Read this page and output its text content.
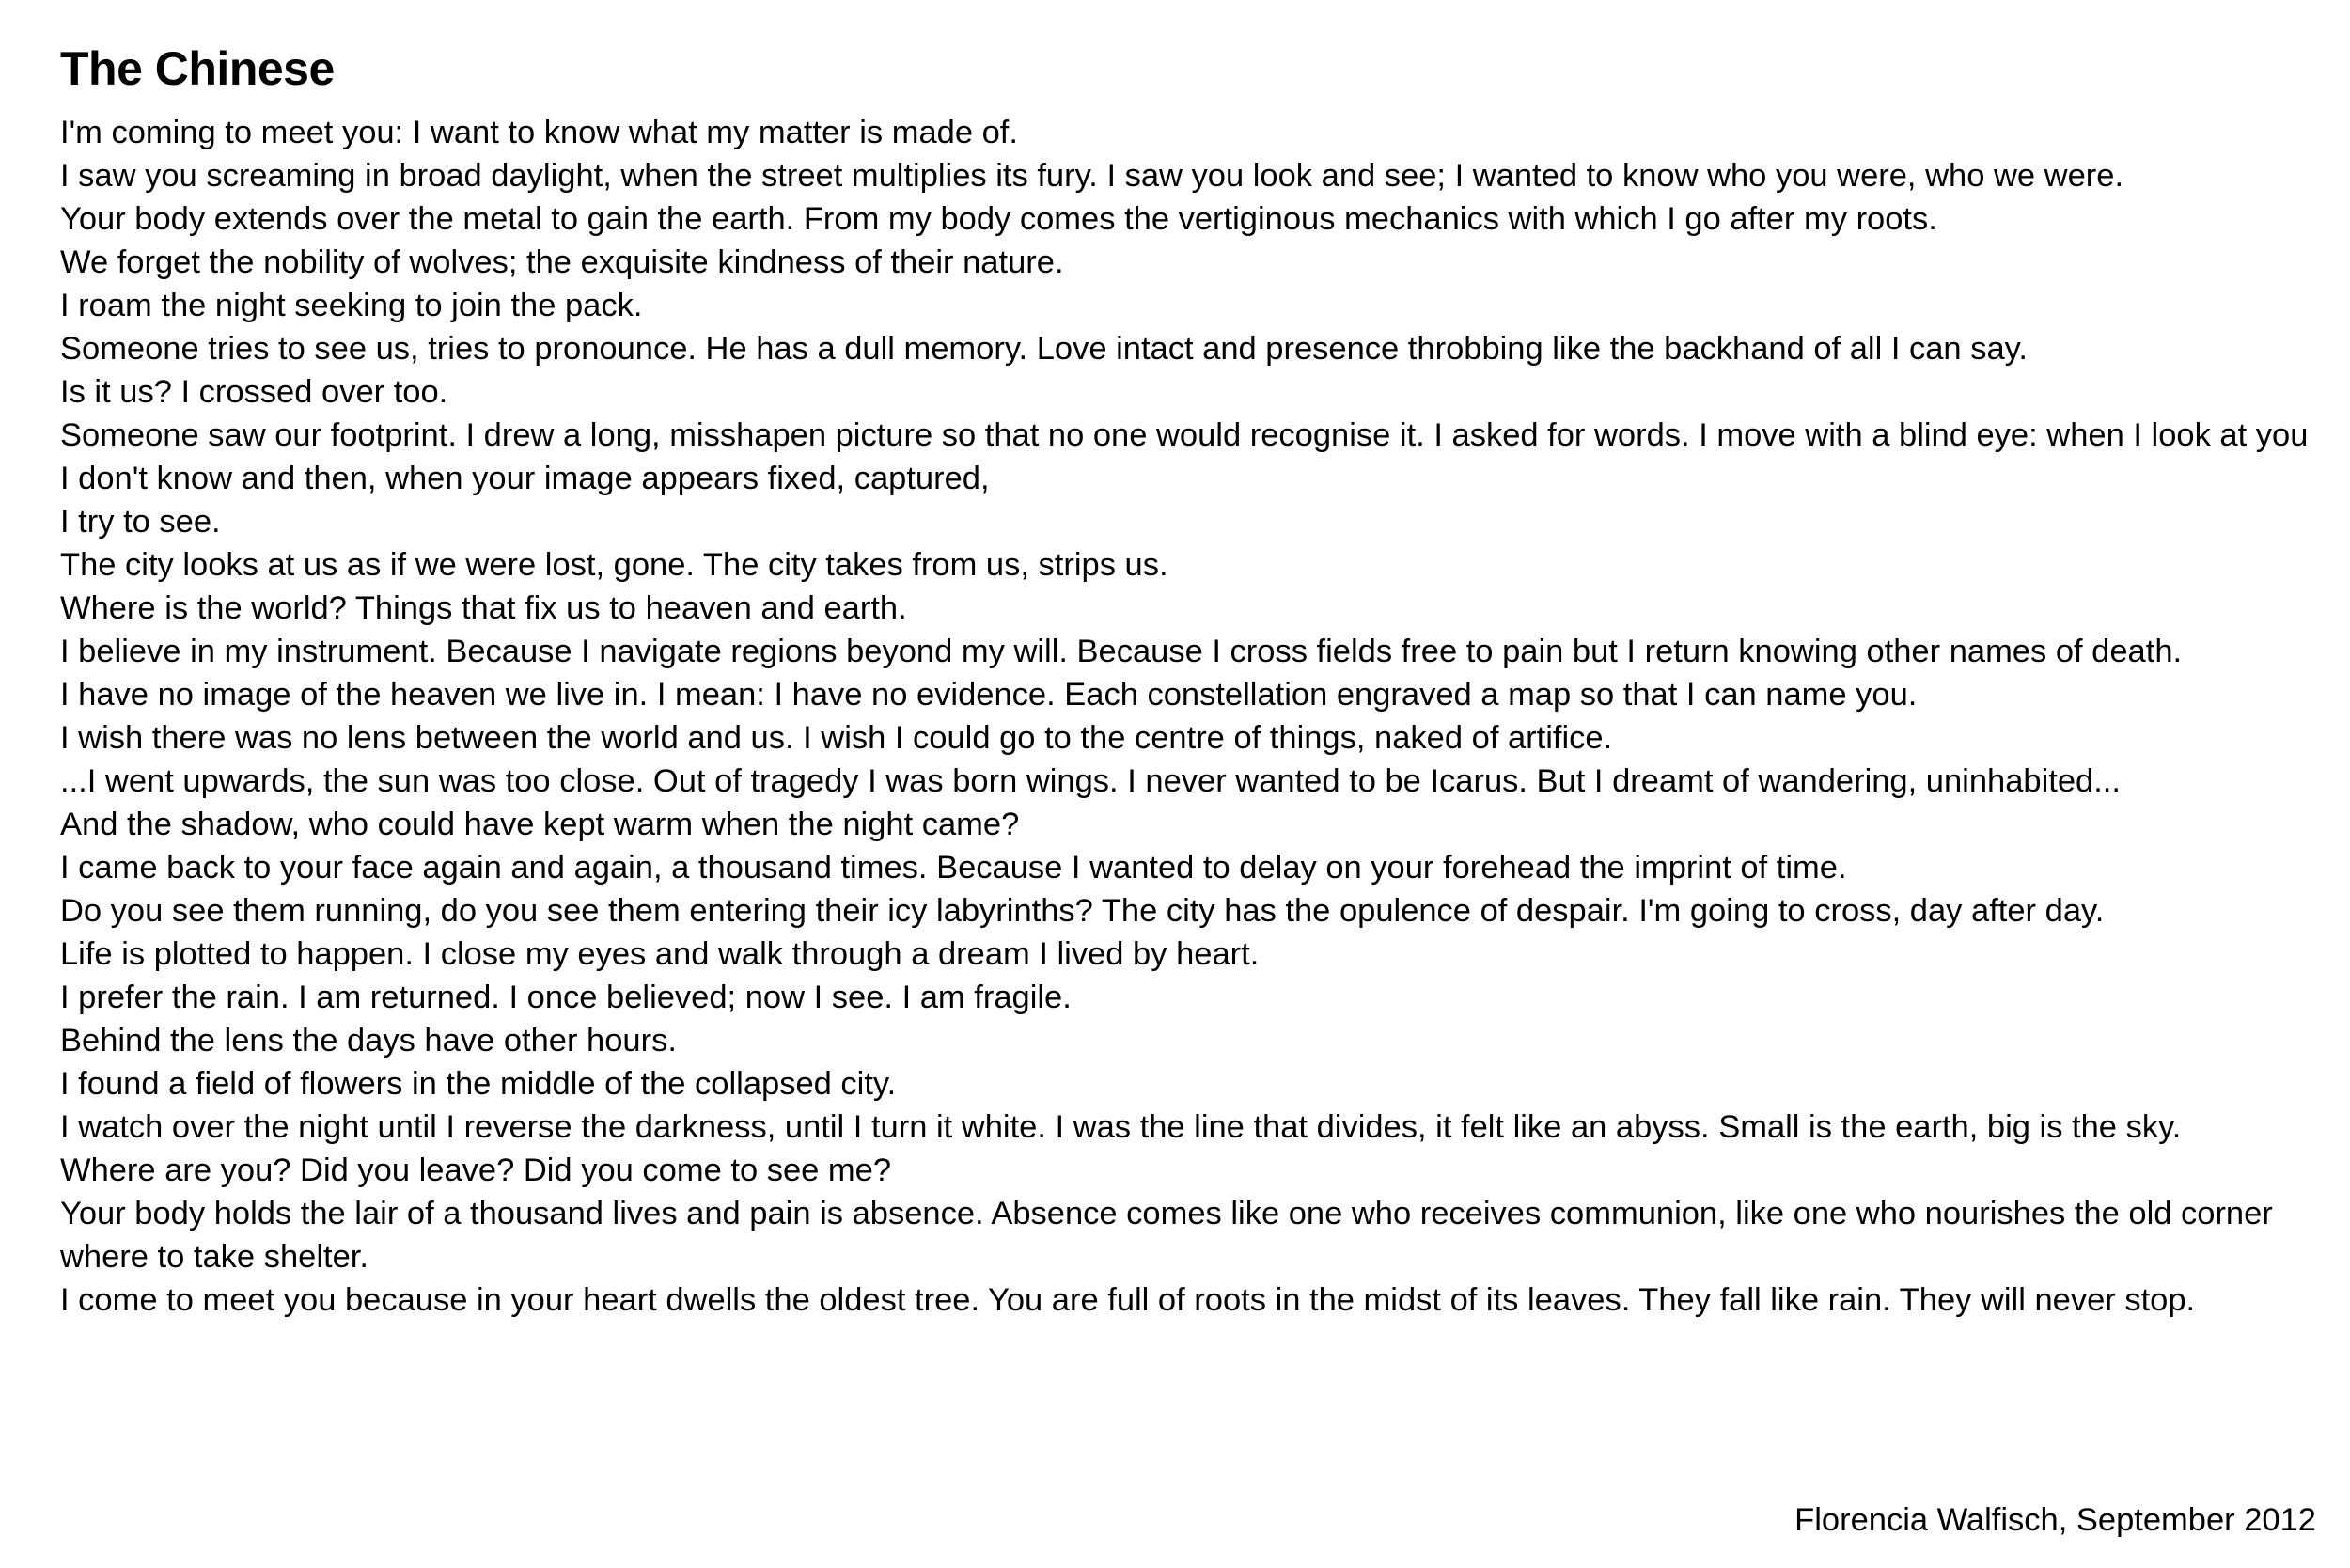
The Chinese
I'm coming to meet you: I want to know what my matter is made of.
I saw you screaming in broad daylight, when the street multiplies its fury. I saw you look and see; I wanted to know who you were, who we were.
Your body extends over the metal to gain the earth. From my body comes the vertiginous mechanics with which I go after my roots.
We forget the nobility of wolves; the exquisite kindness of their nature.
I roam the night seeking to join the pack.
Someone tries to see us, tries to pronounce. He has a dull memory. Love intact and presence throbbing like the backhand of all I can say.
Is it us? I crossed over too.
Someone saw our footprint. I drew a long, misshapen picture so that no one would recognise it. I asked for words. I move with a blind eye: when I look at you I don't know and then, when your image appears fixed, captured,
I try to see.
The city looks at us as if we were lost, gone. The city takes from us, strips us.
Where is the world? Things that fix us to heaven and earth.
I believe in my instrument. Because I navigate regions beyond my will. Because I cross fields free to pain but I return knowing other names of death.
I have no image of the heaven we live in. I mean: I have no evidence. Each constellation engraved a map so that I can name you.
I wish there was no lens between the world and us. I wish I could go to the centre of things, naked of artifice.
...I went upwards, the sun was too close. Out of tragedy I was born wings. I never wanted to be Icarus. But I dreamt of wandering, uninhabited...
And the shadow, who could have kept warm when the night came?
I came back to your face again and again, a thousand times. Because I wanted to delay on your forehead the imprint of time.
Do you see them running, do you see them entering their icy labyrinths? The city has the opulence of despair. I'm going to cross, day after day.
Life is plotted to happen. I close my eyes and walk through a dream I lived by heart.
I prefer the rain. I am returned. I once believed; now I see. I am fragile.
Behind the lens the days have other hours.
I found a field of flowers in the middle of the collapsed city.
I watch over the night until I reverse the darkness, until I turn it white. I was the line that divides, it felt like an abyss. Small is the earth, big is the sky.
Where are you? Did you leave? Did you come to see me?
Your body holds the lair of a thousand lives and pain is absence. Absence comes like one who receives communion, like one who nourishes the old corner where to take shelter.
I come to meet you because in your heart dwells the oldest tree. You are full of roots in the midst of its leaves. They fall like rain. They will never stop.
Florencia Walfisch, September 2012
